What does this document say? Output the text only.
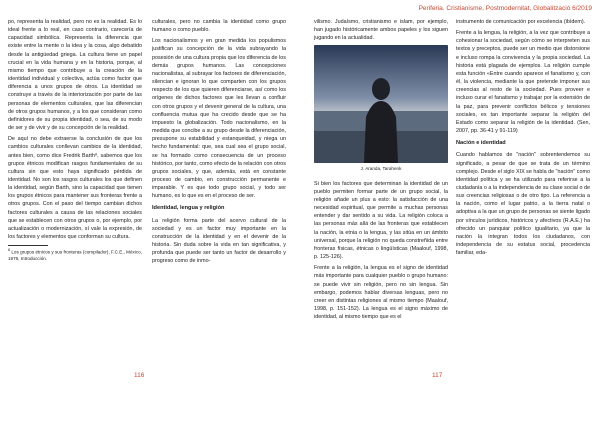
po, representa la realidad, pero no es la realidad. Es lo ideal frente a lo real, en caso contrario, carecería de capacidad simbólica. Representa la diferencia que existe entre la mente o la idea y la cosa, algo debatido desde la antigüedad griega. La cultura tiene un papel crucial en la vida humana y en la historia, porque, al mismo tiempo que contribuye a la creación de la identidad individual y colectiva, actúa como factor que diferencia a unos grupos de otros. La identidad se construye a través de la interiorización por parte de las personas de elementos culturales, que las diferencian de otros grupos humanos, y a los que consideran como definidores de su propia identidad, o sea, de su modo de ser y de vivir y de su concepción de la realidad.

De aquí no debe extraerse la conclusión de que los cambios culturales conllevan cambios de la identidad, antes bien, como dice Fredrik Barth⁸, sabemos que los grupos étnicos modifican rasgos fundamentales de su cultura sin que esto haya significado pérdida de identidad. No son los rasgos culturales los que definen la identidad, según Barth, sino la capacidad que tienen los grupos étnicos para mantener sus fronteras frente a otros grupos. Con el paso del tiempo cambian dichos factores culturales a causa de las relaciones sociales que se establecen con otros grupos o, por ejemplo, por actualización o modernización, sí vale la expresión, de los factores y elementos que conforman su cultura.

$^8$ Los grupos étnicos y sus fronteras (compilador), F.C.E., México, 1976, Introducción.

culturales, pero no cambia la identidad como grupo humano o como pueblo.

Los nacionalismos y en gran medida los populismos justifican su concepción de la vida subrayando la posesión de una cultura propia que los diferencia de los demás grupos humanos. Las concepciones nacionalistas, al subrayar los factores de diferenciación, silencian e ignoran lo que comparten con los grupos respecto de los que quieren diferenciarse, así como los orígenes de dichos factores que les llevan a confluir con otros grupos y el devenir general de la cultura, una confluencia mutua que ha crecido desde que se ha impuesto la globalización. Todo nacionalismo, en la medida que concibe a su grupo desde la diferenciación, presupone su estabilidad y estanqueidad, y niega un hecho fundamental: que, sea cual sea el grupo social, se ha formado como consecuencia de un proceso histórico, por tanto, como efecto de la relación con otros grupos sociales, y que, además, está en constante proceso de cambio, en construcción permanente e imparable. Y es que todo grupo social, y todo ser humano, es lo que es en el proceso de ser.

Identidad, lengua y religión

La religión forma parte del acervo cultural de la sociedad y es un factor muy importante en la construcción de la identidad y en el devenir de la historia. Sin duda sobre la vida en tan significativa, y profunda que puede ser tanto un factor de desarrollo y progreso como de inmo-

116
Periferia. Cristianisme, Postmodernitat, Globalització 6/2019

vilismo. Judaísmo, cristianismo e islam, por ejemplo, han jugado históricamente ambos papeles y los siguen jugando en la actualidad.

J. Aranda, Tarahenk

Si bien los factores que determinan la identidad de un pueblo permiten formar parte de un grupo social, la religión añade un plus a esto: la satisfacción de una necesidad espiritual, que permite a muchas personas entender y dar sentido a su vida. La religión coloca a las personas más allá de las fronteras que establecen la nación, la etnia o la lengua, y las sitúa en un ámbito universal, porque la religión no queda constreñida entre fronteras físicas, étnicas o lingüísticas (Maalouf, 1998, p. 125-126).

Frente a la religión, la lengua es el signo de identidad más importante para cualquier pueblo o grupo humano: se puede vivir sin religión, pero no sin lengua. Sin embargo, podemos hablar diversas lenguas, pero no creer en distintas religiones al mismo tiempo (Maalouf, 1998, p. 151-152). La lengua es el signo máximo de identidad, al mismo tiempo que es el

instrumento de comunicación por excelencia (ibídem).

Frente a la lengua, la religión, a la vez que contribuye a cohesionar la sociedad, según cómo se interpreten sus textos y preceptos, puede ser un medio que distorsione e incluso rompa la convivencia y la propia sociedad. La historia está plagada de ejemplos. La religión cumple esta función «Entre cuando aparece el fanatismo y, con él, la violencia, mediante la que pretende imponer sus creencias al resto de la sociedad. Pues proveer e incluso curar el fanatismo y trabajar por la extensión de la paz, para prevenir conflictos bélicos y tensiones sociales, es tan importante separar la religión del Estado como separar la religión de la identidad. (Sen, 2007, pp. 36-41 y 91-119)

Nación e identidad

Cuando hablamos de "nación" sobrentendemos su significado, a pesar de que se trata de un término complejo. Desde el siglo XIX se habla de "nación" como identidad política y se ha utilizado para referirse a la ciudadanía o a la independencia de su clase social o de sus creencias religiosas o de otro tipo. La referencia a la nación, como el lugar patrio, a la tierra natal o adoptiva a la que un grupo de personas se siente ligado por vínculos jurídicos, históricos y afectivos (R.A.E.) ha ofrecido un panquiar político igualitario, ya que la nación la integran todos los ciudadanos, con independencia de su estatus social, procedencia familiar, eda-

117
